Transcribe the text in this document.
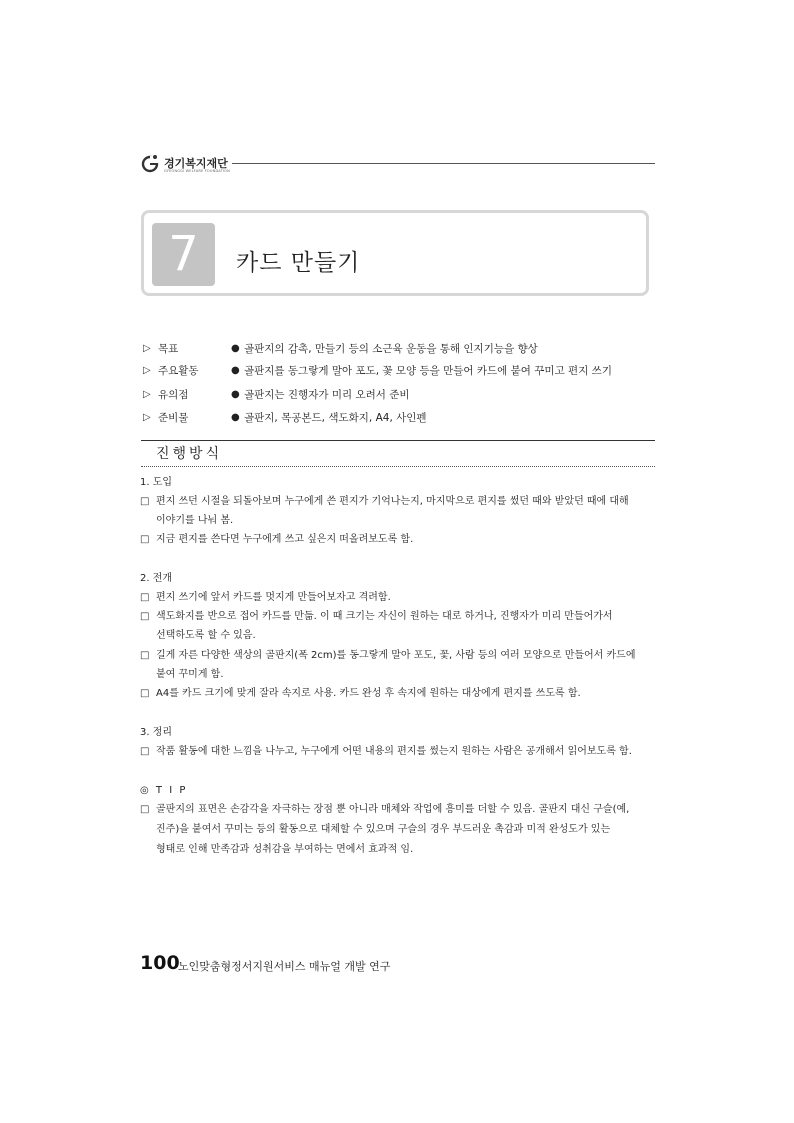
경기복지재단
GYEONGGI WELFARE FOUNDATION
7	카드 만들기
▷ 목표	● 골판지의 감촉, 만들기 등의 소근육 운동을 통해 인지기능을 향상
▷ 주요활동	● 골판지를 동그랗게 말아 포도, 꽃 모양 등을 만들어 카드에 붙여 꾸미고 편지 쓰기
▷ 유의점	● 골판지는 진행자가 미리 오려서 준비
▷ 준비물	● 골판지, 목공본드, 색도화지, A4, 사인펜
진행방식
1. 도입
□ 편지 쓰던 시절을 되돌아보며 누구에게 쓴 편지가 기억나는지, 마지막으로 편지를 썼던 때와 받았던 때에 대해
이야기를 나눠 봄.
□ 지금 편지를 쓴다면 누구에게 쓰고 싶은지 떠올려보도록 함.
2. 전개
□ 편지 쓰기에 앞서 카드를 멋지게 만들어보자고 격려함.
□ 색도화지를 반으로 접어 카드를 만듦. 이 때 크기는 자신이 원하는 대로 하거나, 진행자가 미리 만들어가서
선택하도록 할 수 있음.
□ 길게 자른 다양한 색상의 골판지(폭 2cm)를 동그랗게 말아 포도, 꽃, 사람 등의 여러 모양으로 만들어서 카드에
붙여 꾸미게 함.
□ A4를 카드 크기에 맞게 잘라 속지로 사용. 카드 완성 후 속지에 원하는 대상에게 편지를 쓰도록 함.
3. 정리
□ 작품 활동에 대한 느낌을 나누고, 누구에게 어떤 내용의 편지를 썼는지 원하는 사람은 공개해서 읽어보도록 함.
◎ T I P
□ 골판지의 표면은 손감각을 자극하는 장점 뿐 아니라 매체와 작업에 흥미를 더할 수 있음. 골판지 대신 구슬(예,
진주)을 붙여서 꾸미는 등의 활동으로 대체할 수 있으며 구슬의 경우 부드러운 촉감과 미적 완성도가 있는
형태로 인해 만족감과 성취감을 부여하는 면에서 효과적 임.
100
노인맞춤형정서지원서비스 매뉴얼 개발 연구
